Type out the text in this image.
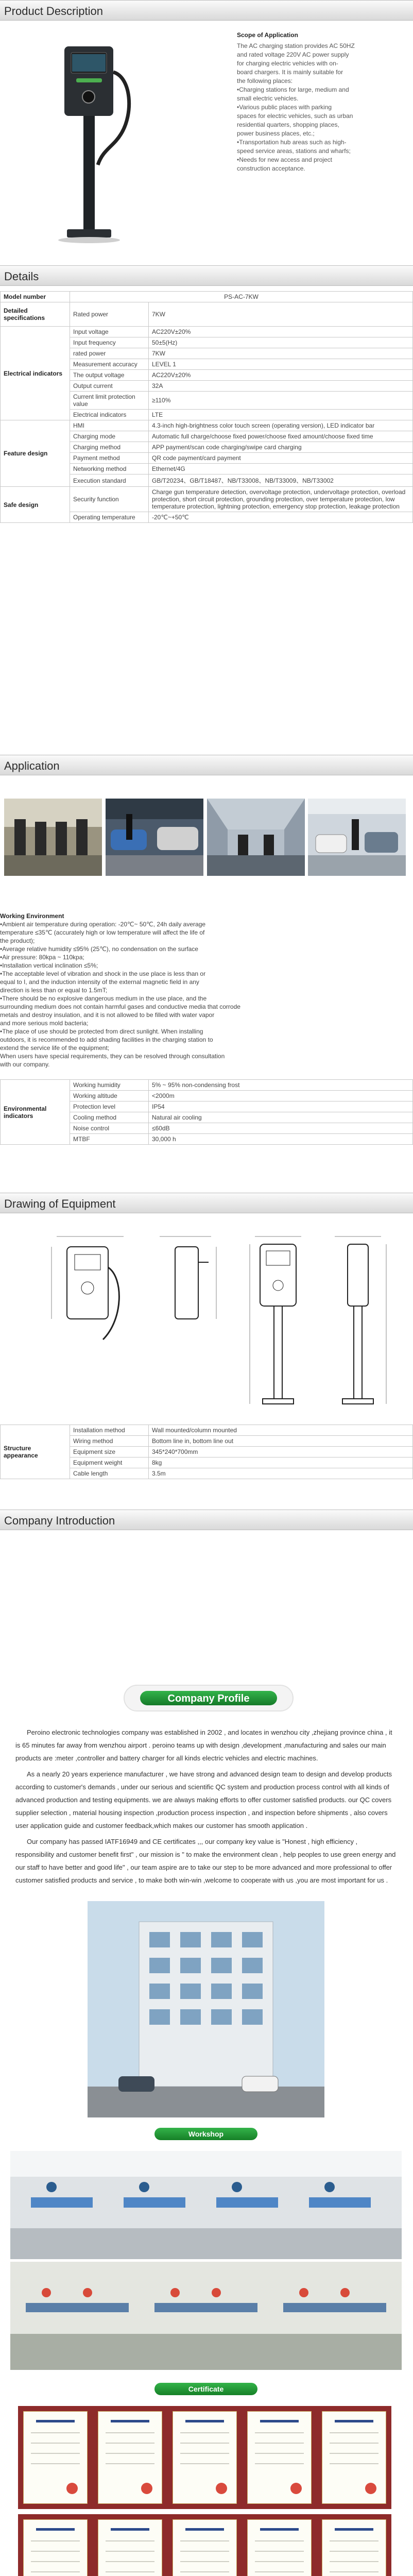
Product Description
Scope of Application

The AC charging station provides AC 50HZ

and rated voltage 220V AC power supply

for charging electric vehicles with on-

board chargers. It is mainly suitable for

the following places:

•Charging stations for large, medium and

small electric vehicles.

•Various public places with parking

spaces for electric vehicles, such as urban

residential quarters, shopping places,

power business places, etc.;

•Transportation hub areas such as high-

speed service areas, stations and wharfs;

•Needs for new access and project

construction acceptance.

Details
Model number	PS-AC-7KW	
Detailed specifications	Rated power	7KW
Electrical indicators	Input voltage	AC220V±20%
	Input frequency	50±5(Hz)
	rated power	7KW
	Measurement accuracy	LEVEL 1
	The output voltage	AC220V±20%
	Output current	32A
	Current limit protection value	≥110%
	Electrical indicators	LTE
Feature design	HMI	4.3-inch high-brightness color touch screen (operating version), LED indicator bar
	Charging mode	Automatic full charge/choose fixed power/choose fixed amount/choose fixed time
	Charging method	APP payment/scan code charging/swipe card charging
	Payment method	QR code payment/card payment
	Networking method	Ethernet/4G
	Execution standard	GB/T20234、GB/T18487、NB/T33008、NB/T33009、NB/T33002
Safe design	Security function	Charge gun temperature detection, overvoltage protection, undervoltage protection, overload protection, short circuit protection, grounding protection, over temperature protection, low temperature protection, lightning protection, emergency stop protection, leakage protection
	Operating temperature	-20℃~+50℃
Application

Working Environment

•Ambient air temperature during operation: -20℃~ 50℃, 24h daily average

temperature ≤35℃ (accurately high or low temperature will affect the life of

the product);

•Average relative humidity ≤95% (25℃), no condensation on the surface

•Air pressure: 80kpa ~ 110kpa;

•Installation vertical inclination ≤5%;

•The acceptable level of vibration and shock in the use place is less than or

equal to I, and the induction intensity of the external magnetic field in any

direction is less than or equal to 1.5mT;

•There should be no explosive dangerous medium in the use place, and the

surrounding medium does not contain harmful gases and conductive media that corrode

metals and destroy insulation, and it is not allowed to be filled with water vapor

and more serious mold bacteria;

•The place of use should be protected from direct sunlight. When installing

outdoors, it is recommended to add shading facilities in the charging station to

extend the service life of the equipment;

When users have special requirements, they can be resolved through consultation

with our company.

Environmental indicators	Working humidity	5% ~ 95% non-condensing frost
	Working altitude	<2000m
	Protection level	IP54
	Cooling method	Natural air cooling
	Noise control	≤60dB
	MTBF	30,000 h
Drawing of Equipment
Structure appearance	Installation method	Wall mounted/column mounted
	Wiring method	Bottom line in, bottom line out
	Equipment size	345*240*700mm
	Equipment weight	8kg
	Cable length	3.5m
Company Introduction
Company Profile

Peroino electronic technologies company was established in 2002 , and locates in wenzhou city ,zhejiang province china , it is 65 minutes far away from wenzhou airport . peroino teams up with design ,development ,manufacturing and sales our main products are :meter ,controller and battery charger for all kinds electric vehicles and electric machines.

As a nearly 20 years experience manufacturer , we have strong and advanced design team to design and develop products according to customer's demands , under our serious and scientific QC system and production process control with all kinds of advanced production and testing equipments. we are always making efforts to offer customer satisfied products. our QC covers supplier selection , material housing inspection ,production process inspection , and inspection before shipments , also covers user application guide and customer feedback,which makes our customer has smooth application .

Our company has passed IATF16949 and CE certificates ,,, our company key value is "Honest , high efficiency , responsibility and customer benefit first" , our mission is " to make the environment clean , help peoples to use green energy and our staff to have better and good life" , our team aspire are to take our step to be more advanced and more professional to offer customer satisfied products and service , to make both win-win ,welcome to cooperate with us ,you are most important for us .

Workshop
Certificate
